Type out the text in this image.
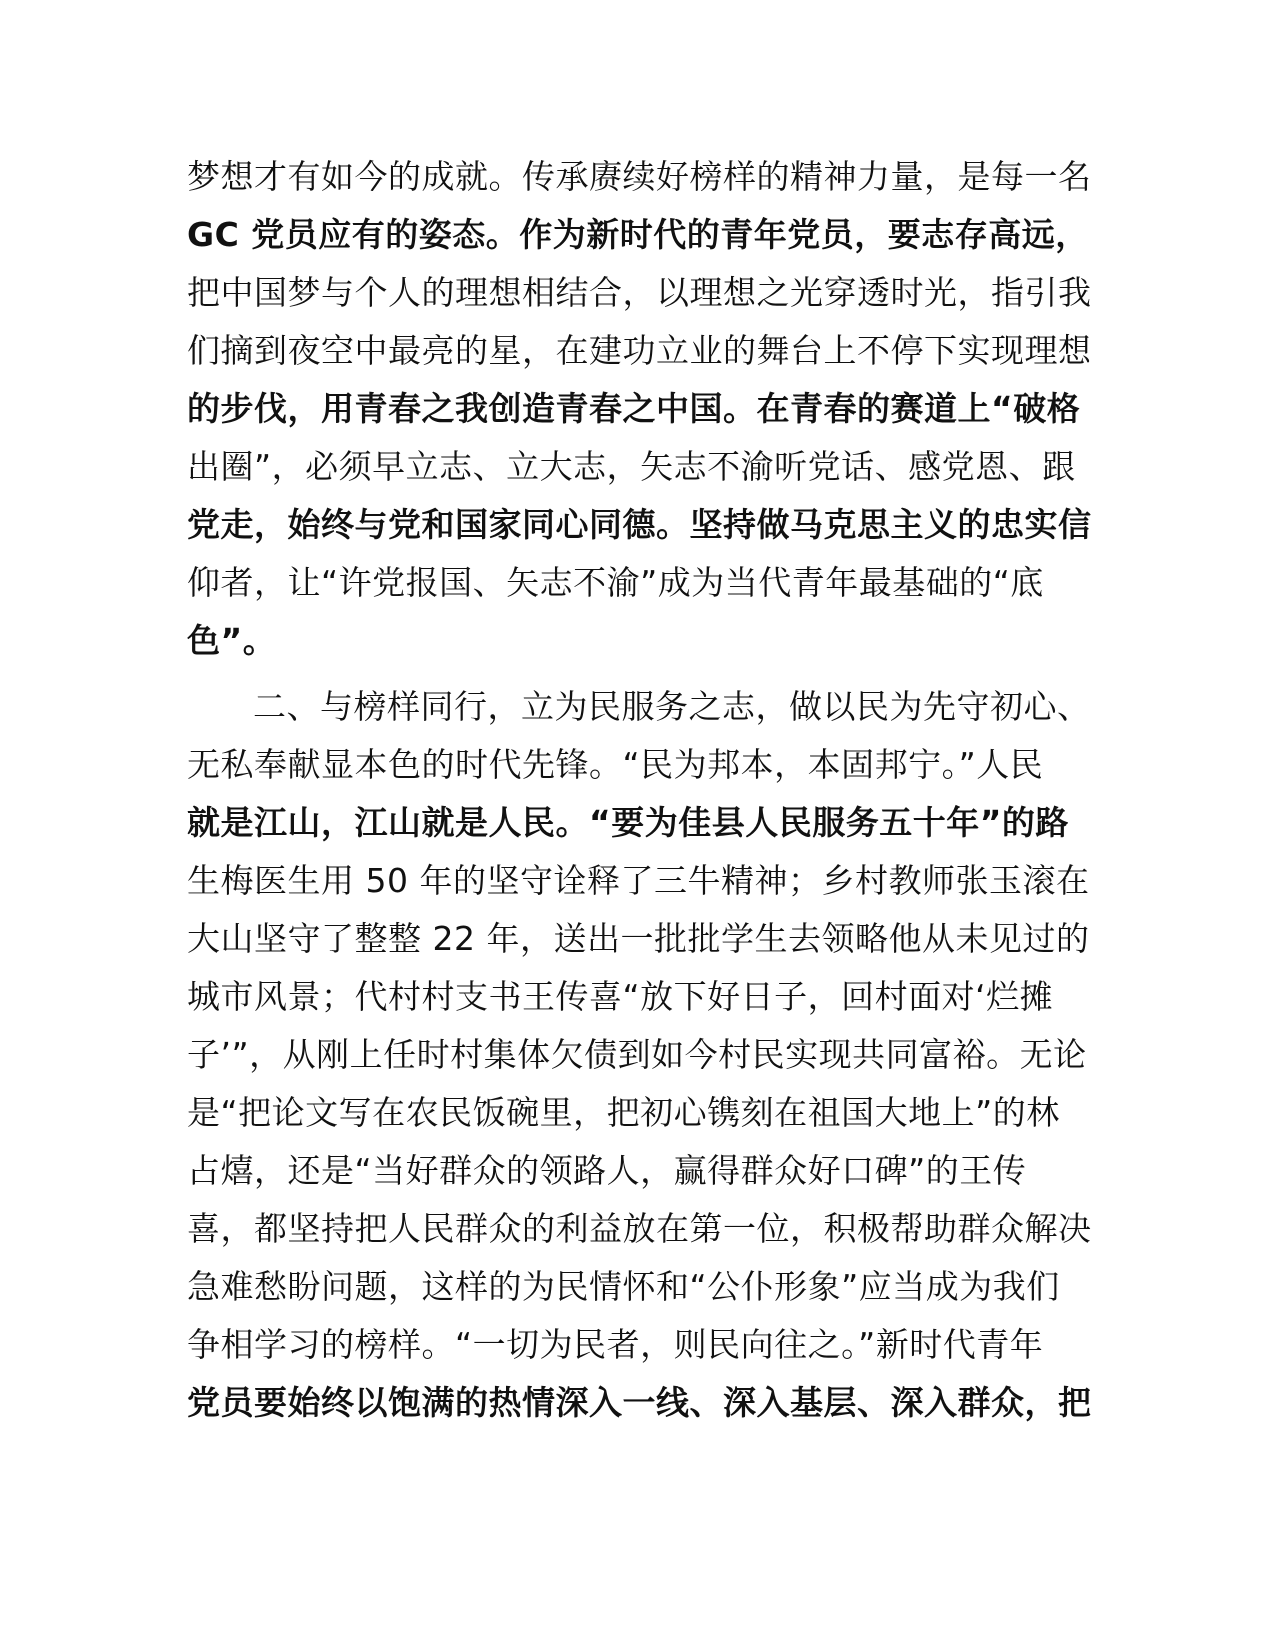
梦想才有如今的成就。传承赓续好榜样的精神力量，是每一名
GC 党员应有的姿态。作为新时代的青年党员，要志存高远，
把中国梦与个人的理想相结合，以理想之光穿透时光，指引我
们摘到夜空中最亮的星，在建功立业的舞台上不停下实现理想
的步伐，用青春之我创造青春之中国。在青春的赛道上“破格
出圈”，必须早立志、立大志，矢志不渝听党话、感党恩、跟
党走，始终与党和国家同心同德。坚持做马克思主义的忠实信
仰者，让“许党报国、矢志不渝”成为当代青年最基础的“底
色”。
二、与榜样同行，立为民服务之志，做以民为先守初心、
无私奉献显本色的时代先锋。“民为邦本，本固邦宁。”人民
就是江山，江山就是人民。“要为佳县人民服务五十年”的路
生梅医生用 50 年的坚守诠释了三牛精神；乡村教师张玉滚在
大山坚守了整整 22 年，送出一批批学生去领略他从未见过的
城市风景；代村村支书王传喜“放下好日子，回村面对‘烂摊
子’”，从刚上任时村集体欠债到如今村民实现共同富裕。无论
是“把论文写在农民饭碗里，把初心镌刻在祖国大地上”的林
占熺，还是“当好群众的领路人，赢得群众好口碑”的王传
喜，都坚持把人民群众的利益放在第一位，积极帮助群众解决
急难愁盼问题，这样的为民情怀和“公仆形象”应当成为我们
争相学习的榜样。“一切为民者，则民向往之。”新时代青年
党员要始终以饱满的热情深入一线、深入基层、深入群众，把
